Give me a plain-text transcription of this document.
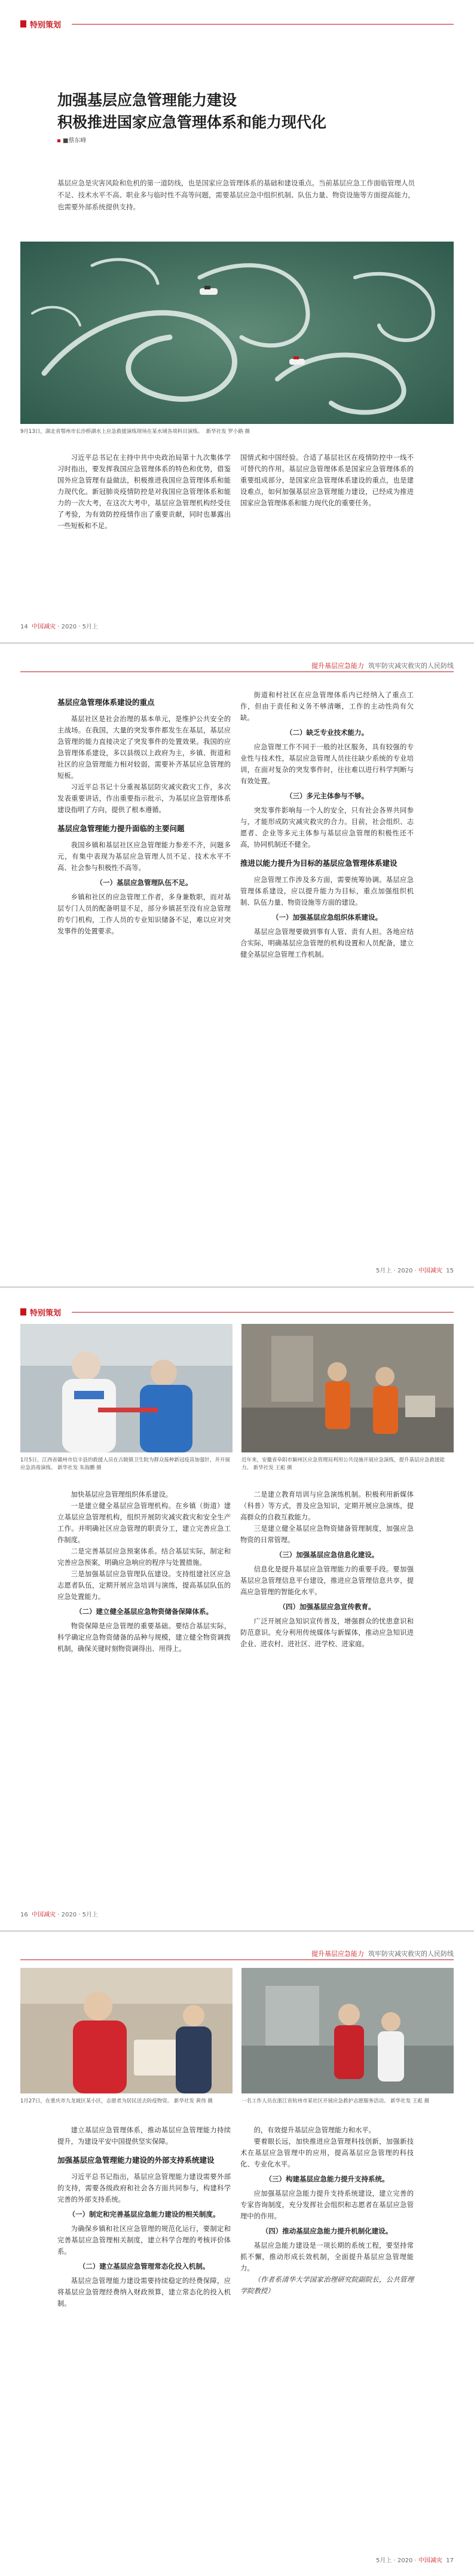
特别策划
加强基层应急管理能力建设
积极推进国家应急管理体系和能力现代化
■蔡东峰
基层应急是灾害风险和危机的第一道防线，也是国家应急管理体系的基础和建设重点。当前基层应急工作面临管理人员不足、技术水平不高、职业多与临时性不高等问题，需要基层应急中组织机制、队伍力量、物资设施等方面提高能力，也需要外部系统提供支持。
9月13日，湖北省鄂州市长沙桥湖水上应急救援演练现场在某水域各项科目演练。 新华社发 罗小路 摄

习近平总书记在主持中共中央政治局第十九次集体学习时指出，要发挥我国应急管理体系的特色和优势，借鉴国外应急管理有益做法，积极推进我国应急管理体系和能力现代化。新冠肺炎疫情防控是对我国应急管理体系和能力的一次大考，在这次大考中，基层应急管理机构经受住了考验，为有效防控疫情作出了重要贡献，同时也暴露出一些短板和不足。

国情式和中国经验。合适了基层社区在疫情防控中一线不可替代的作用。基层应急管理体系是国家应急管理体系的重要组成部分，是国家应急管理体系建设的重点，也是建设难点，如何加强基层应急管理能力建设，已经成为推进国家应急管理体系和能力现代化的重要任务。

14 中国减灾 · 2020 · 5月上
提升基层应急能力 筑牢防灾减灾救灾的人民防线

基层应急管理体系建设的重点

基层社区是社会治理的基本单元，是维护公共安全的主战场。在我国，大量的突发事件都发生在基层，基层应急管理的能力直接决定了突发事件的处置效果。我国的应急管理体系建设，多以县级以上政府为主，乡镇、街道和社区的应急管理能力相对较弱，需要补齐基层应急管理的短板。

习近平总书记十分重视基层防灾减灾救灾工作，多次发表重要讲话，作出重要指示批示，为基层应急管理体系建设指明了方向，提供了根本遵循。

基层应急管理能力提升面临的主要问题

我国乡镇和基层社区应急管理能力参差不齐，问题多元，有集中表现为基层应急管理人员不足、技术水平不高、社会参与积极性不高等。

（一）基层应急管理队伍不足。

乡镇和社区的应急管理工作者，多身兼数职，而对基层专门人员的配备明显不足，部分乡镇甚至没有应急管理的专门机构，工作人员的专业知识储备不足，难以应对突发事件的处置要求。

街道和村社区在应急管理体系内已经纳入了重点工作，但由于责任和义务不够清晰，工作的主动性尚有欠缺。

（二）缺乏专业技术能力。

应急管理工作不同于一般的社区服务，具有较强的专业性与技术性，基层应急管理人员往往缺少系统的专业培训，在面对复杂的突发事件时，往往难以进行科学判断与有效处置。

（三）多元主体参与不够。

突发事件影响每一个人的安全，只有社会各界共同参与，才能形成防灾减灾救灾的合力。目前，社会组织、志愿者、企业等多元主体参与基层应急管理的积极性还不高，协同机制还不健全。

推进以能力提升为目标的基层应急管理体系建设

应急管理工作涉及多方面，需要统筹协调。基层应急管理体系建设，应以提升能力为目标，重点加强组织机制、队伍力量、物资设施等方面的建设。

（一）加强基层应急组织体系建设。

基层应急管理要做到事有人管、责有人担。各地应结合实际，明确基层应急管理的机构设置和人员配备，建立健全基层应急管理工作机制。

5月上 · 2020 · 中国减灾 15
特别策划
1月5日，江西省赣州市信丰县的救援人员在古陂镇卫生院为群众接种新冠疫苗加强针，并开展应急消毒演练。 新华社发 朱海鹏 摄
近年来，安徽省阜阳市颍州区应急管理局利用公共设施开展应急演练，提升基层应急救援能力。 新华社发 王彪 摄

加快基层应急管理组织体系建设。

一是建立健全基层应急管理机构。在乡镇（街道）建立基层应急管理机构，组织开展防灾减灾救灾和安全生产工作。并明确社区应急管理的职责分工，建立完善应急工作制度。

二是完善基层应急预案体系。结合基层实际，制定和完善应急预案，明确应急响应的程序与处置措施。

三是加强基层应急管理队伍建设。支持组建社区应急志愿者队伍，定期开展应急培训与演练，提高基层队伍的应急处置能力。

（二）建立健全基层应急物资储备保障体系。

物资保障是应急管理的重要基础。要结合基层实际，科学确定应急物资储备的品种与规模，建立健全物资调拨机制，确保关键时刻物资调得出、用得上。

二是建立教育培训与应急演练机制。积极利用新媒体（科普）等方式，普及应急知识，定期开展应急演练，提高群众的自救互救能力。

三是建立健全基层应急物资储备管理制度，加强应急物资的日常管理。

（三）加强基层应急信息化建设。

信息化是提升基层应急管理能力的重要手段。要加强基层应急管理信息平台建设，推进应急管理信息共享，提高应急管理的智能化水平。

（四）加强基层应急宣传教育。

广泛开展应急知识宣传普及，增强群众的忧患意识和防范意识。充分利用传统媒体与新媒体，推动应急知识进企业、进农村、进社区、进学校、进家庭。

16 中国减灾 · 2020 · 5月上
提升基层应急能力 筑牢防灾减灾救灾的人民防线
1月27日，在重庆市九龙坡区某小区，志愿者为居民送去防疫物资。 新华社发 黄伟 摄	一名工作人员在浙江省杭州市某社区开展应急救护志愿服务活动。 新华社发 王彪 摄

建立基层应急管理体系，推动基层应急管理能力持续提升，为建设平安中国提供坚实保障。

加强基层应急管理能力建设的外部支持系统建设

习近平总书记指出，基层应急管理能力建设需要外部的支持，需要各级政府和社会各方面共同参与，构建科学完善的外部支持系统。

（一）制定和完善基层应急能力建设的相关制度。

为确保乡镇和社区应急管理的规范化运行，要制定和完善基层应急管理相关制度，建立科学合理的考核评价体系。

（二）建立基层应急管理常态化投入机制。

基层应急管理能力建设需要持续稳定的经费保障，应将基层应急管理经费纳入财政预算，建立常态化的投入机制。

的，有效提升基层应急管理能力和水平。

要着眼长远，加快推进应急管理科技创新，加强新技术在基层应急管理中的应用，提高基层应急管理的科技化、专业化水平。

（三）构建基层应急能力提升支持系统。

应加强基层应急能力提升支持系统建设，建立完善的专家咨询制度，充分发挥社会组织和志愿者在基层应急管理中的作用。

（四）推动基层应急能力提升机制化建设。

基层应急能力建设是一项长期的系统工程，要坚持常抓不懈，推动形成长效机制，全面提升基层应急管理能力。

（作者系清华大学国家治理研究院副院长，公共管理学院教授）

5月上 · 2020 · 中国减灾 17
